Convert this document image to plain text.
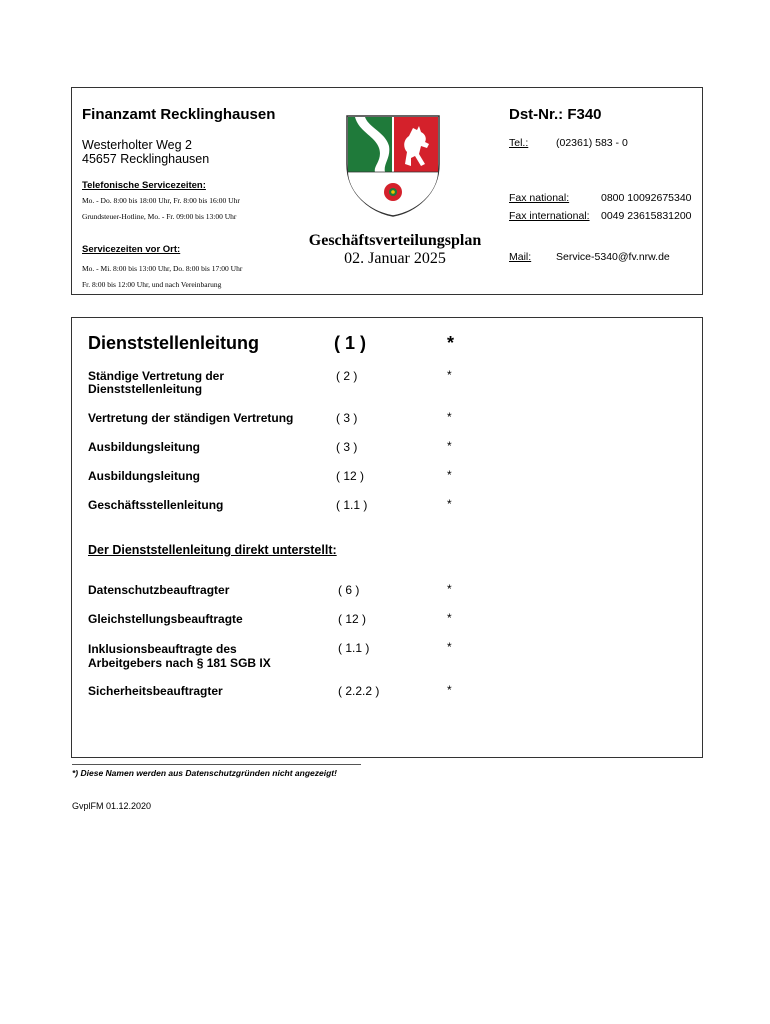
Finanzamt Recklinghausen	Dst-Nr.: F340
Westerholter Weg 2
45657 Recklinghausen
Tel.:	(02361) 583 - 0
Telefonische Servicezeiten:
Mo. - Do. 8:00 bis 18:00 Uhr, Fr. 8:00 bis 16:00 Uhr
Grundsteuer-Hotline, Mo. - Fr. 09:00 bis 13:00 Uhr
Servicezeiten vor Ort:
Mo. - Mi. 8:00 bis 13:00 Uhr, Do. 8:00 bis 17:00 Uhr
Fr. 8:00 bis 12:00 Uhr, und nach Vereinbarung
Fax national:	0800 10092675340
Fax international: 0049 23615831200
Mail: Service-5340@fv.nrw.de
Geschäftsverteilungsplan
02. Januar 2025
Dienststellenleitung	( 1 )	*
Ständige Vertretung der
Dienststellenleitung
( 2 )	*
Vertretung der ständigen Vertretung	( 3 )	*
Ausbildungsleitung	( 3 )	*
Ausbildungsleitung	( 12 )	*
Geschäftsstellenleitung	( 1.1 )	*
Der Dienststellenleitung direkt unterstellt:
Datenschutzbeauftragter	( 6 )	*
Gleichstellungsbeauftragte	( 12 )	*
Inklusionsbeauftragte des
Arbeitgebers nach § 181 SGB IX
( 1.1 )	*
Sicherheitsbeauftragter	( 2.2.2 )	*
*) Diese Namen werden aus Datenschutzgründen nicht angezeigt!
GvplFM 01.12.2020
